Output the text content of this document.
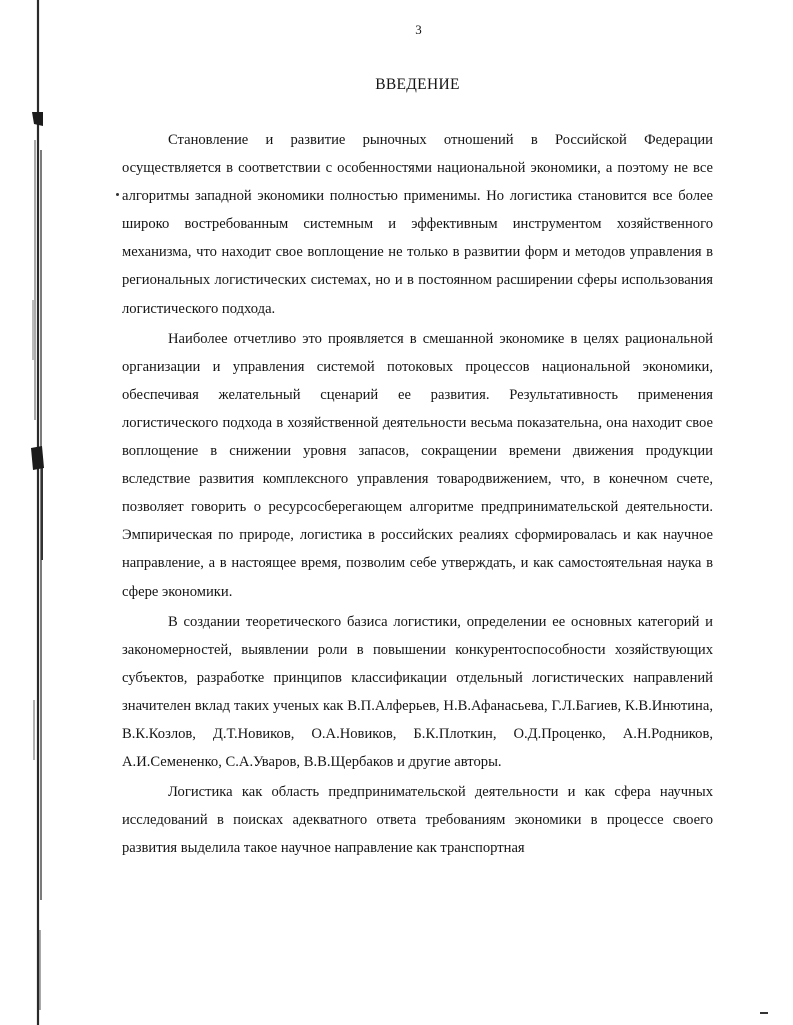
3
ВВЕДЕНИЕ

Становление и развитие рыночных отношений в Российской Федерации осуществляется в соответствии с особенностями национальной экономики, а поэтому не все алгоритмы западной экономики полностью применимы. Но логистика становится все более широко востребованным системным и эффективным инструментом хозяйственного механизма, что находит свое воплощение не только в развитии форм и методов управления в региональных логистических системах, но и в постоянном расширении сферы использования логистического подхода.

Наиболее отчетливо это проявляется в смешанной экономике в целях рациональной организации и управления системой потоковых процессов национальной экономики, обеспечивая желательный сценарий ее развития. Результативность применения логистического подхода в хозяйственной деятельности весьма показательна, она находит свое воплощение в снижении уровня запасов, сокращении времени движения продукции вследствие развития комплексного управления товародвижением, что, в конечном счете, позволяет говорить о ресурсосберегающем алгоритме предпринимательской деятельности. Эмпирическая по природе, логистика в российских реалиях сформировалась и как научное направление, а в настоящее время, позволим себе утверждать, и как самостоятельная наука в сфере экономики.

В создании теоретического базиса логистики, определении ее основных категорий и закономерностей, выявлении роли в повышении конкурентоспособности хозяйствующих субъектов, разработке принципов классификации отдельный логистических направлений значителен вклад таких ученых как В.П.Алферьев, Н.В.Афанасьева, Г.Л.Багиев, К.В.Инютина, В.К.Козлов, Д.Т.Новиков, О.А.Новиков, Б.К.Плоткин, О.Д.Проценко, А.Н.Родников, А.И.Семененко, С.А.Уваров, В.В.Щербаков и другие авторы.

Логистика как область предпринимательской деятельности и как сфера научных исследований в поисках адекватного ответа требованиям экономики в процессе своего развития выделила такое научное направление как транспортная
